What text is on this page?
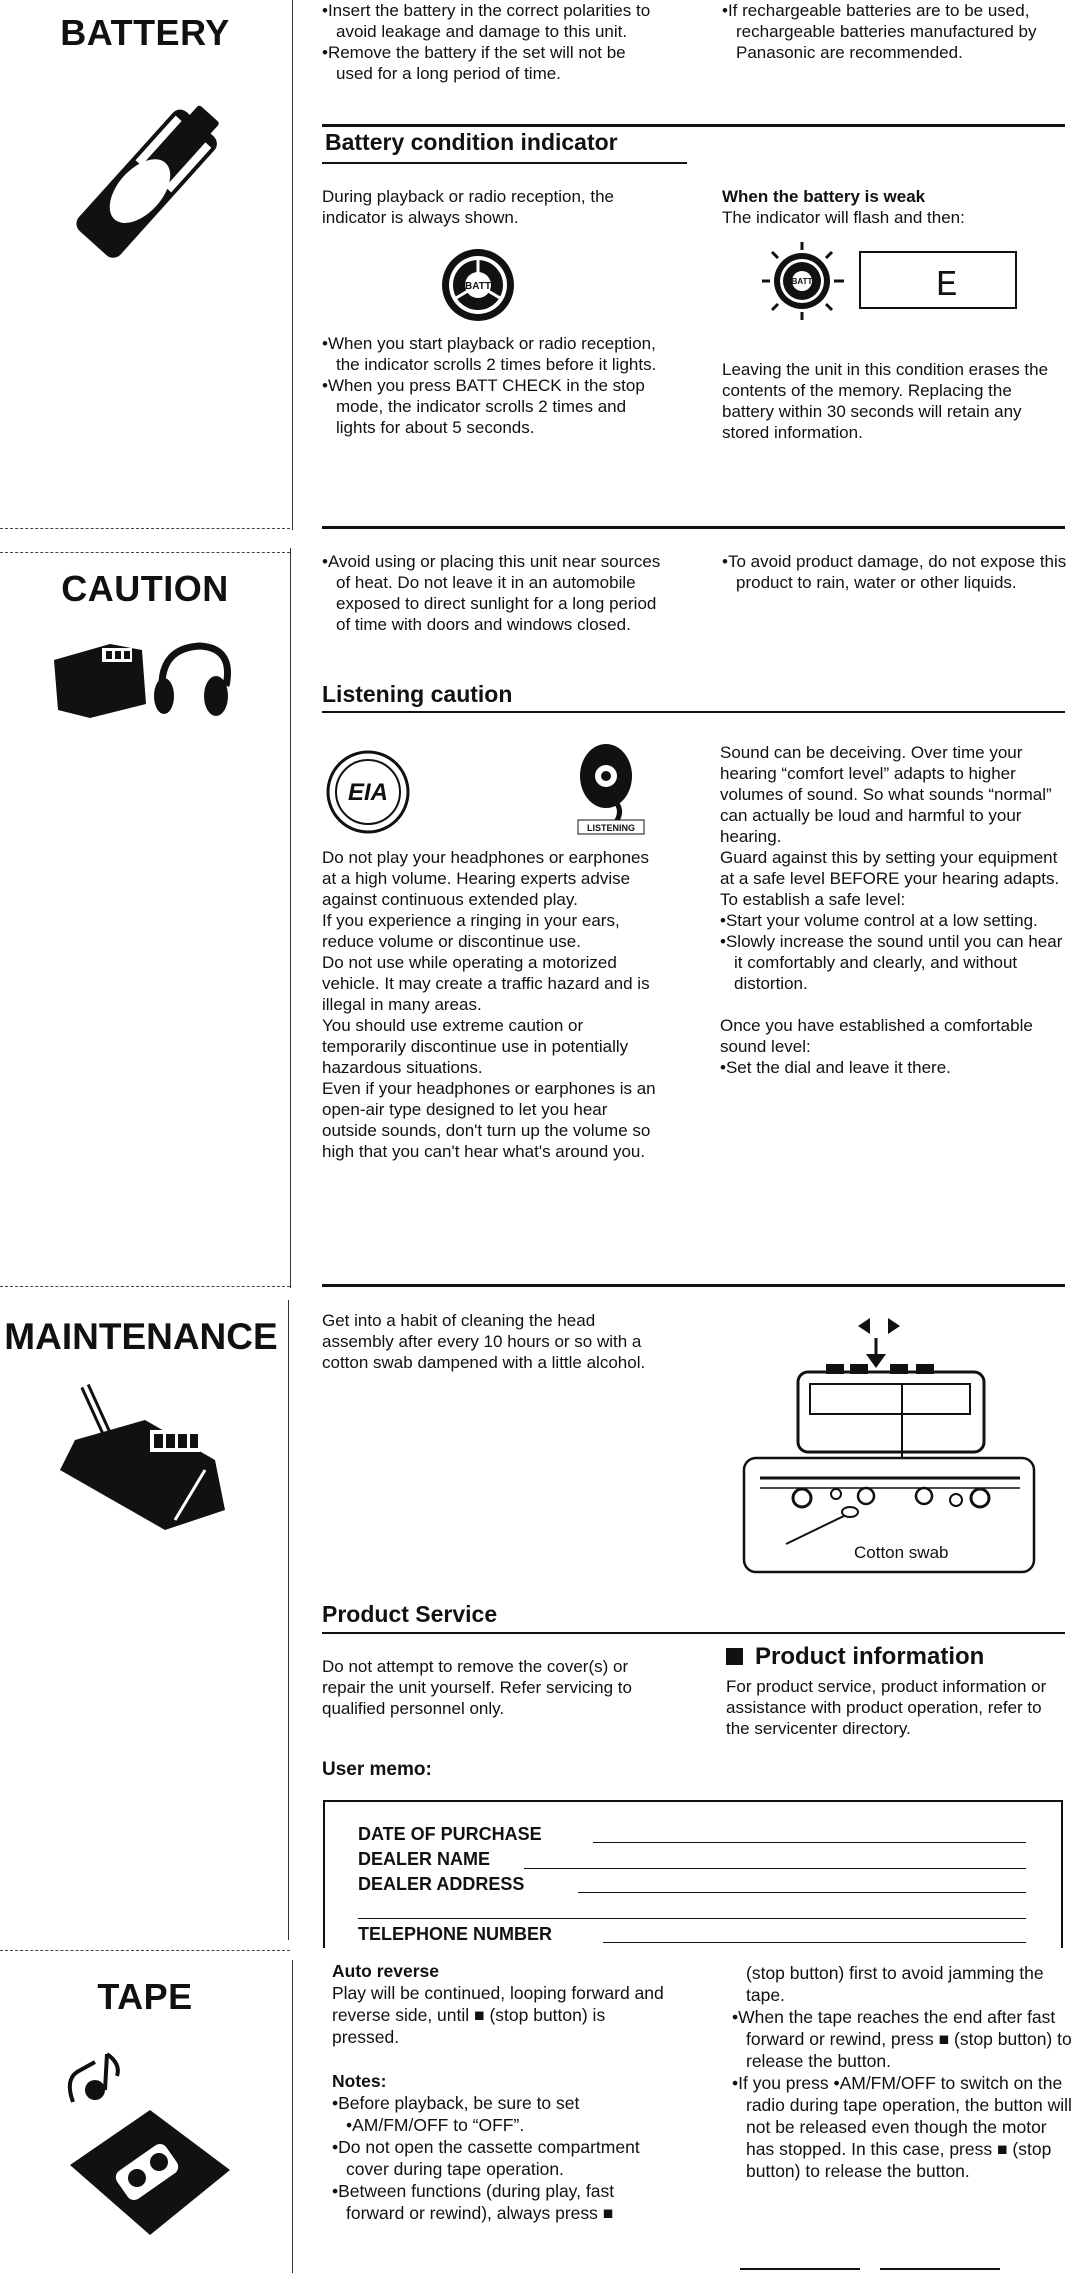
BATTERY
CAUTION
MAINTENANCE
TAPE

•Insert the battery in the correct polarities to avoid leakage and damage to this unit.

•Remove the battery if the set will not be used for a long period of time.

•If rechargeable batteries are to be used, rechargeable batteries manufactured by Panasonic are recommended.

Battery condition indicator
During playback or radio reception, the indicator is always shown.
BATT

•When you start playback or radio reception, the indicator scrolls 2 times before it lights.

•When you press BATT CHECK in the stop mode, the indicator scrolls 2 times and lights for about 5 seconds.

When the battery is weak
The indicator will flash and then:
BATT	E
Leaving the unit in this condition erases the contents of the memory. Replacing the battery within 30 seconds will retain any stored information.

•Avoid using or placing this unit near sources of heat. Do not leave it in an automobile exposed to direct sunlight for a long period of time with doors and windows closed.

•To avoid product damage, do not expose this product to rain, water or other liquids.

Listening caution
EIA
LISTENING

Do not play your headphones or earphones at a high volume. Hearing experts advise against continuous extended play.

If you experience a ringing in your ears, reduce volume or discontinue use.

Do not use while operating a motorized vehicle. It may create a traffic hazard and is illegal in many areas.

You should use extreme caution or temporarily discontinue use in potentially hazardous situations.

Even if your headphones or earphones is an open-air type designed to let you hear outside sounds, don't turn up the volume so high that you can't hear what's around you.

Sound can be deceiving. Over time your hearing “comfort level” adapts to higher volumes of sound. So what sounds “normal” can actually be loud and harmful to your hearing.

Guard against this by setting your equipment at a safe level BEFORE your hearing adapts.

To establish a safe level:

•Start your volume control at a low setting.

•Slowly increase the sound until you can hear it comfortably and clearly, and without distortion.

Once you have established a comfortable sound level:

•Set the dial and leave it there.

Get into a habit of cleaning the head assembly after every 10 hours or so with a cotton swab dampened with a little alcohol.
Cotton swab
Product Service
Do not attempt to remove the cover(s) or repair the unit yourself. Refer servicing to qualified personnel only.
Product information
For product service, product information or assistance with product operation, refer to the servicenter directory.
User memo:
DATE OF PURCHASE
DEALER NAME
DEALER ADDRESS
TELEPHONE NUMBER

Auto reverse

Play will be continued, looping forward and reverse side, until ■ (stop button) is pressed.

Notes:

•Before playback, be sure to set •AM/FM/OFF to “OFF”.

•Do not open the cassette compartment cover during tape operation.

•Between functions (during play, fast forward or rewind), always press ■

(stop button) first to avoid jamming the tape.

•When the tape reaches the end after fast forward or rewind, press ■ (stop button) to release the button.

•If you press •AM/FM/OFF to switch on the radio during tape operation, the button will not be released even though the motor has stopped. In this case, press ■ (stop button) to release the button.
